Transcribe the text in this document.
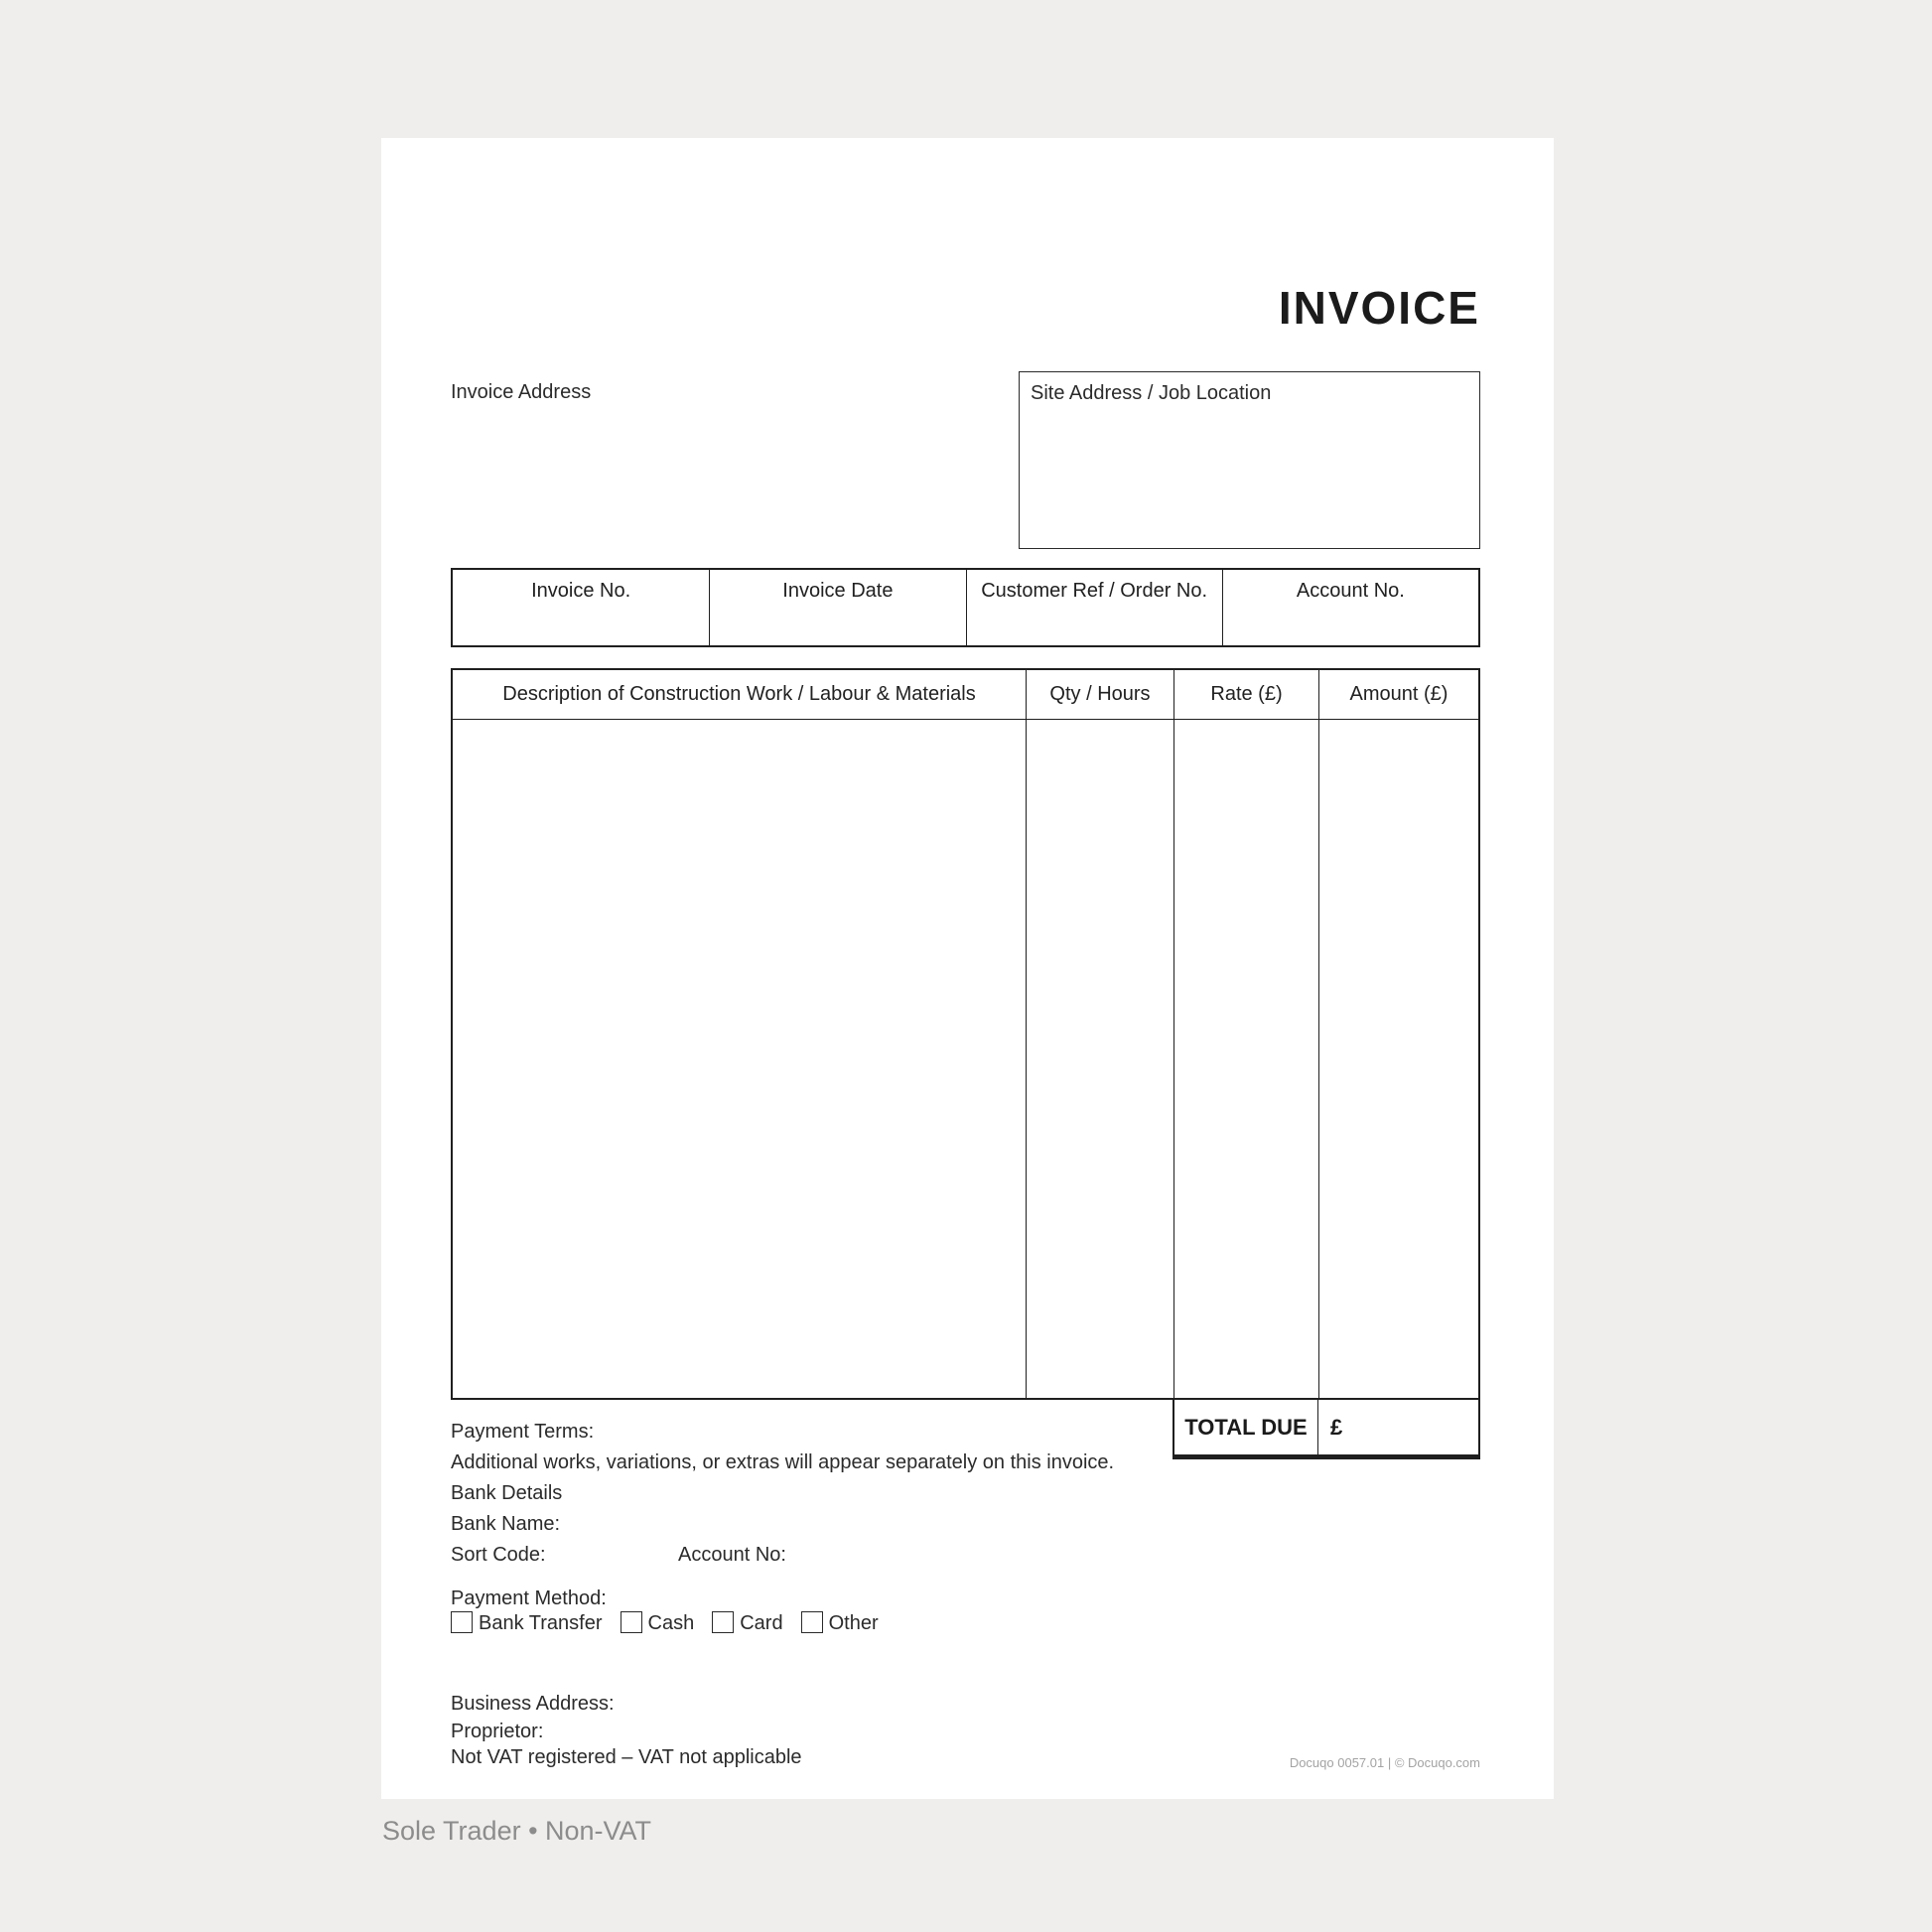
INVOICE
Invoice Address	Site Address / Job Location
Invoice No.	Invoice Date	Customer Ref / Order No.	Account No.
Description of Construction Work / Labour & Materials	Qty / Hours	Rate (£)	Amount (£)
TOTAL DUE	£
Payment Terms:
Additional works, variations, or extras will appear separately on this invoice.
Bank Details
Bank Name:
Sort Code:	Account No:
Payment Method:
Bank Transfer Cash Card Other
Business Address:
Proprietor:
Not VAT registered – VAT not applicable	Docuqo 0057.01 | © Docuqo.com
Sole Trader • Non-VAT
